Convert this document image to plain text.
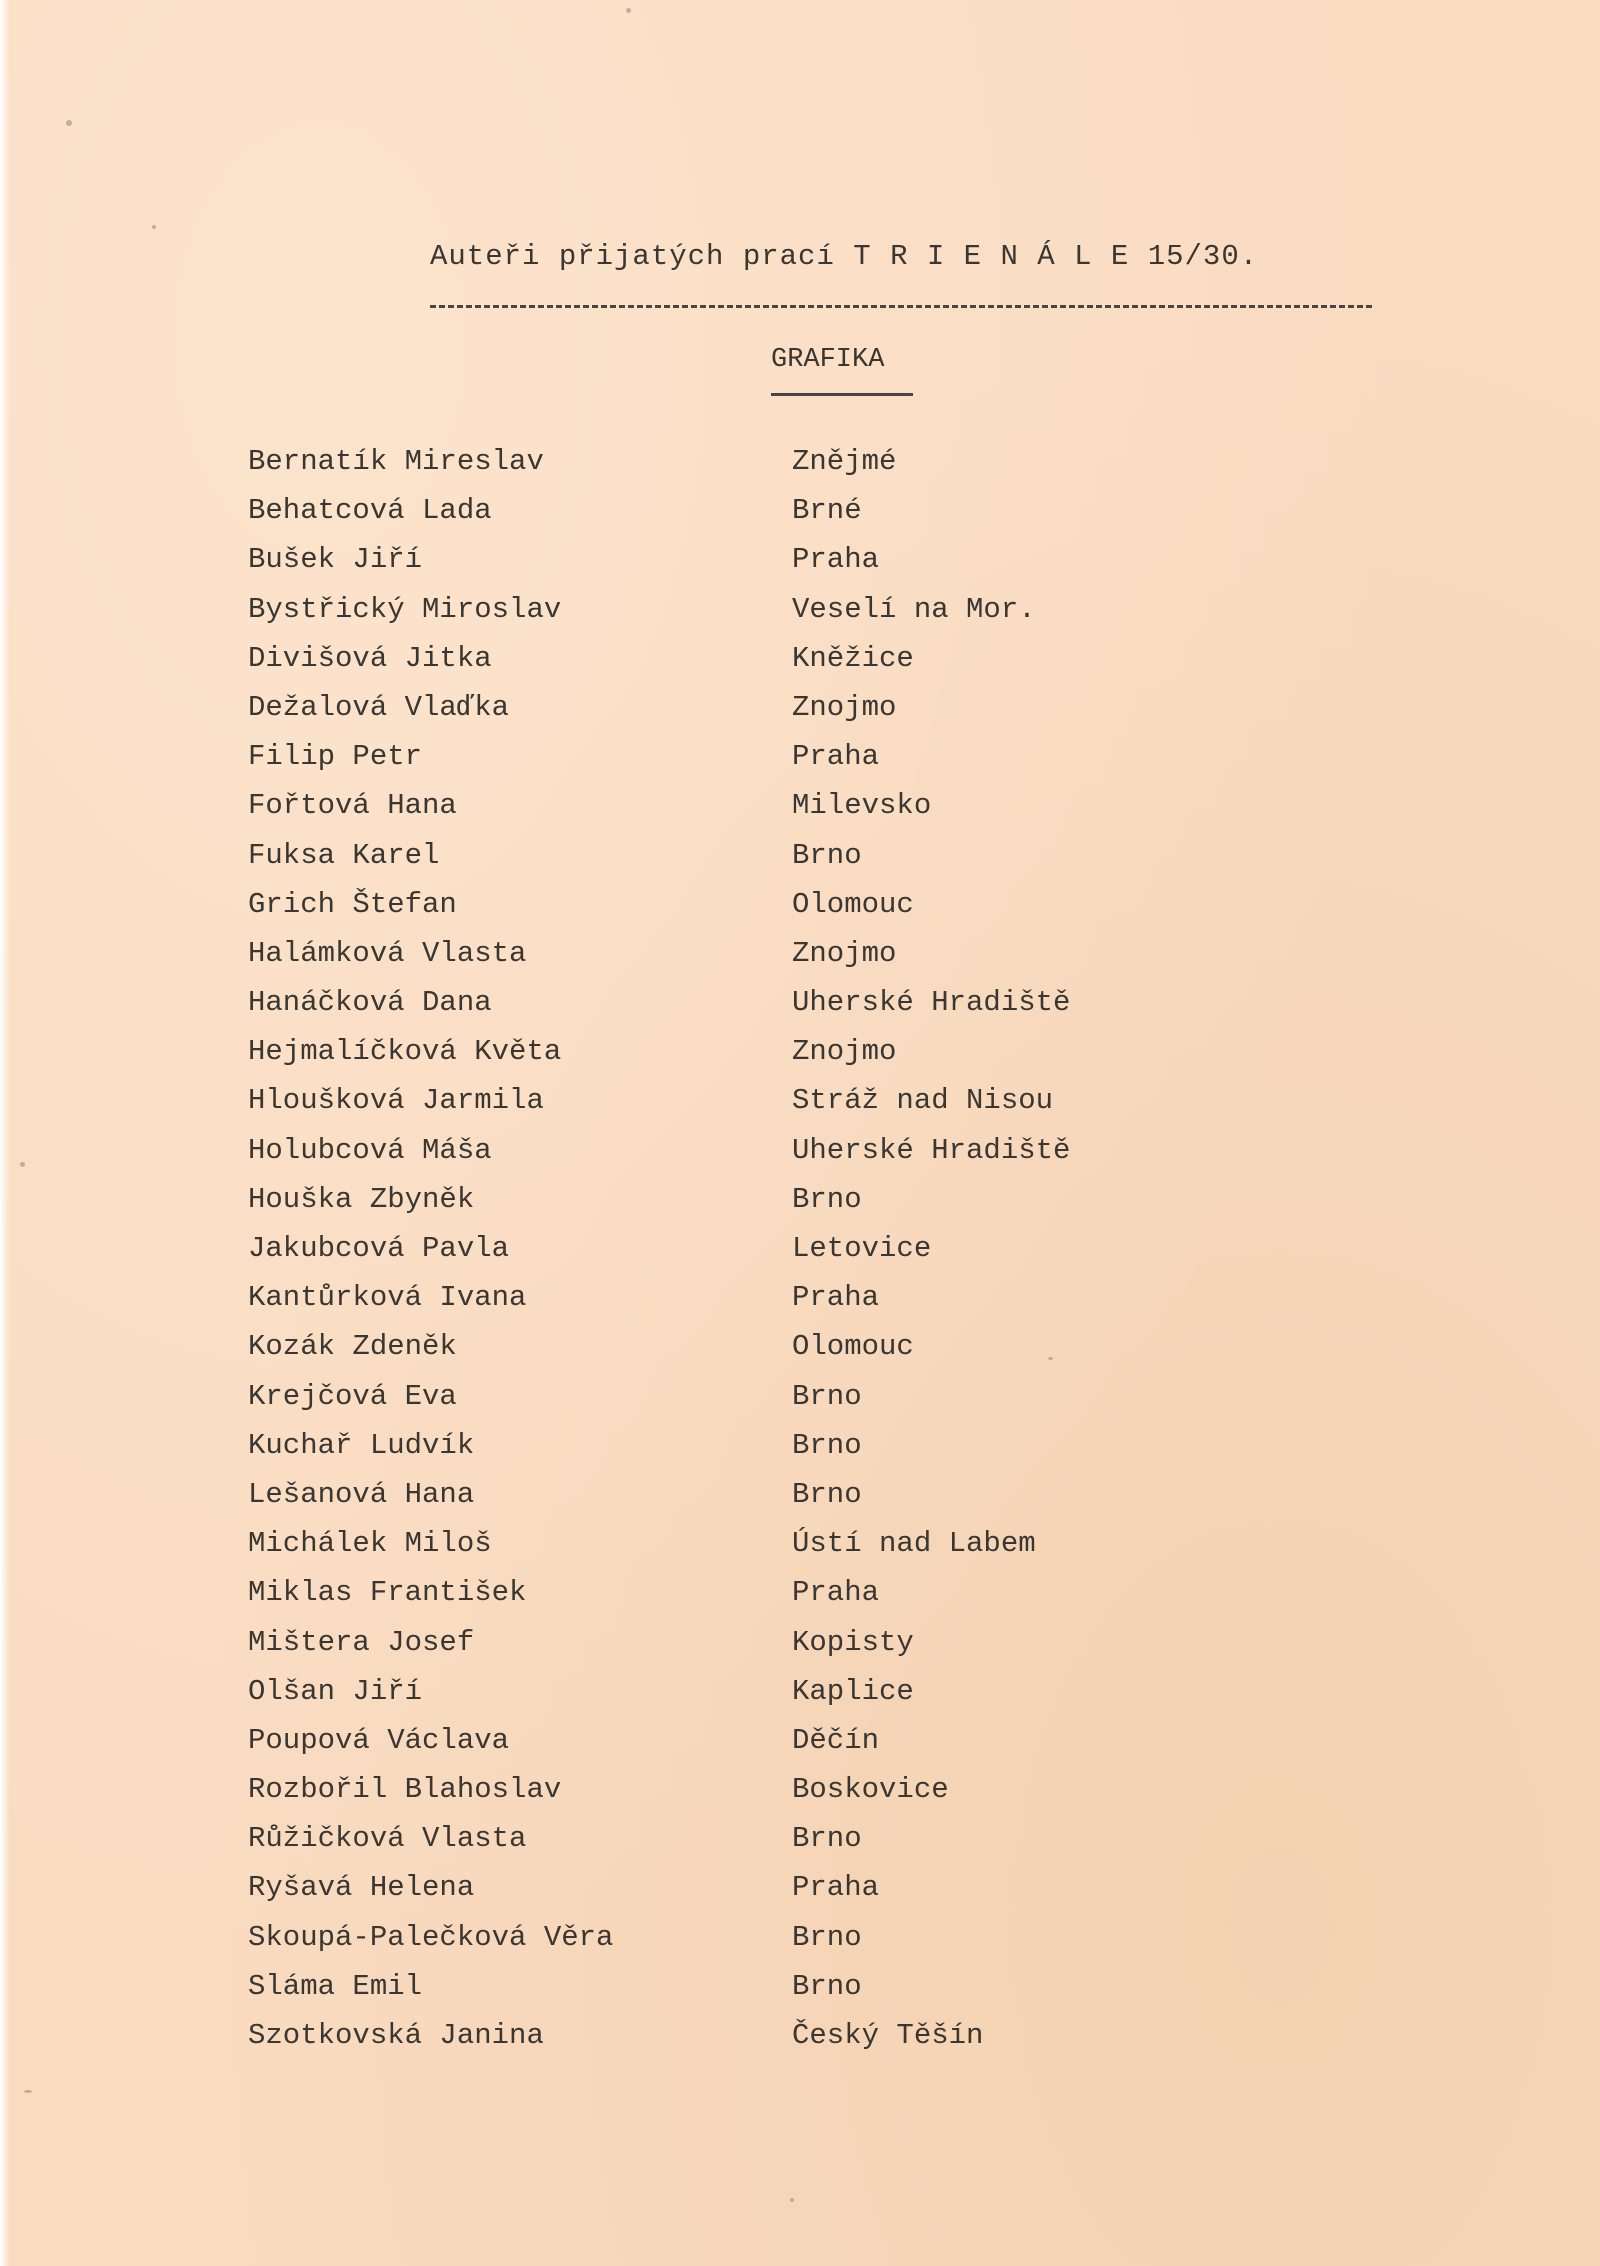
Auteři přijatých prací T R I E N Á L E 15/30.
GRAFIKA
Bernatík Mireslav	Znějmé
Behatcová Lada	Brné
Bušek Jiří	Praha
Bystřický Miroslav	Veselí na Mor.
Divišová Jitka	Kněžice
Dežalová Vlaďka	Znojmo
Filip Petr	Praha
Fořtová Hana	Milevsko
Fuksa Karel	Brno
Grich Štefan	Olomouc
Halámková Vlasta	Znojmo
Hanáčková Dana	Uherské Hradiště
Hejmalíčková Květa	Znojmo
Hloušková Jarmila	Stráž nad Nisou
Holubcová Máša	Uherské Hradiště
Houška Zbyněk	Brno
Jakubcová Pavla	Letovice
Kantůrková Ivana	Praha
Kozák Zdeněk	Olomouc
Krejčová Eva	Brno
Kuchař Ludvík	Brno
Lešanová Hana	Brno
Michálek Miloš	Ústí nad Labem
Miklas František	Praha
Mištera Josef	Kopisty
Olšan Jiří	Kaplice
Poupová Václava	Děčín
Rozbořil Blahoslav	Boskovice
Růžičková Vlasta	Brno
Ryšavá Helena	Praha
Skoupá-Palečková Věra	Brno
Sláma Emil	Brno
Szotkovská Janina	Český Těšín
